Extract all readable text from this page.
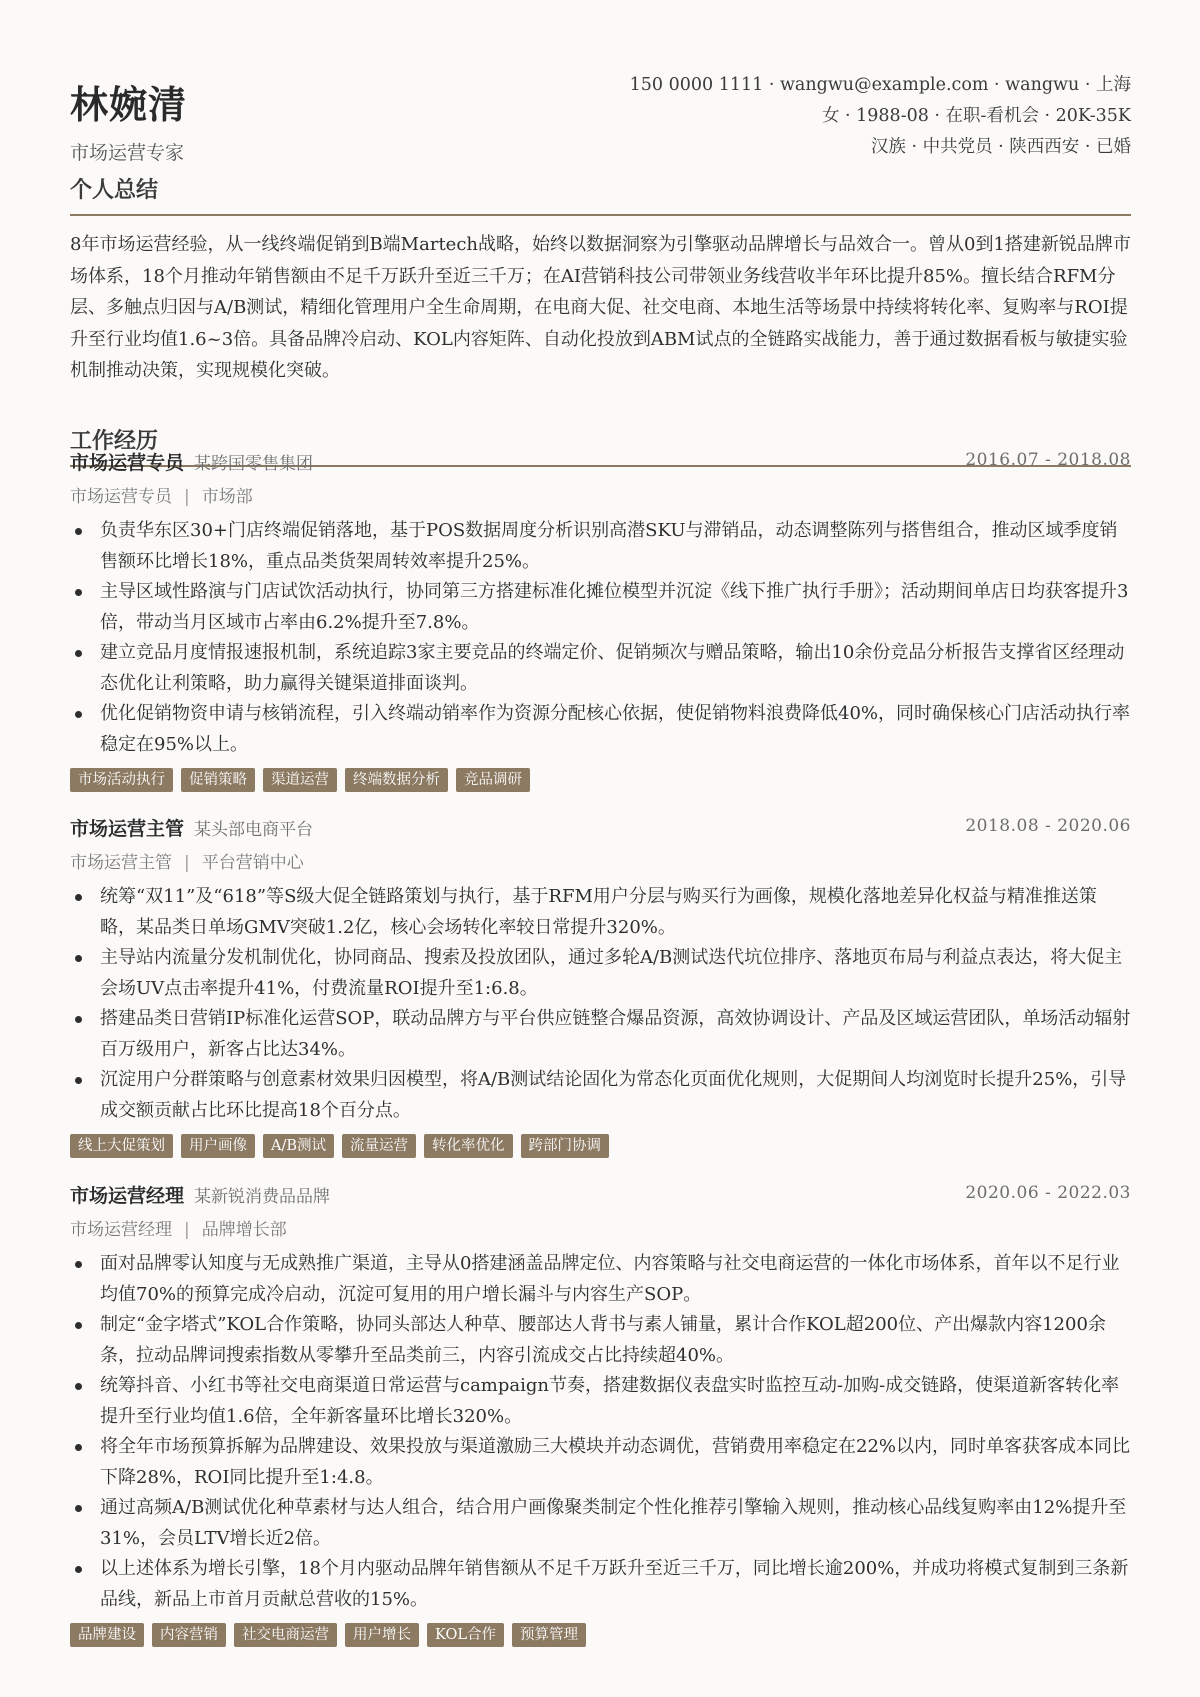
林婉清
市场运营专家
150 0000 1111 · wangwu@example.com · wangwu · 上海
女 · 1988-08 · 在职-看机会 · 20K-35K
汉族 · 中共党员 · 陕西西安 · 已婚
个人总结

8年市场运营经验，从一线终端促销到B端Martech战略，始终以数据洞察为引擎驱动品牌增长与品效合一。曾从0到1搭建新锐品牌市场体系，18个月推动年销售额由不足千万跃升至近三千万；在AI营销科技公司带领业务线营收半年环比提升85%。擅长结合RFM分层、多触点归因与A/B测试，精细化管理用户全生命周期，在电商大促、社交电商、本地生活等场景中持续将转化率、复购率与ROI提升至行业均值1.6~3倍。具备品牌冷启动、KOL内容矩阵、自动化投放到ABM试点的全链路实战能力，善于通过数据看板与敏捷实验机制推动决策，实现规模化突破。

工作经历
市场运营专员 某跨国零售集团	2016.07 - 2018.08
市场运营专员 | 市场部
负责华东区30+门店终端促销落地，基于POS数据周度分析识别高潜SKU与滞销品，动态调整陈列与搭售组合，推动区域季度销售额环比增长18%，重点品类货架周转效率提升25%。
主导区域性路演与门店试饮活动执行，协同第三方搭建标准化摊位模型并沉淀《线下推广执行手册》；活动期间单店日均获客提升3倍，带动当月区域市占率由6.2%提升至7.8%。
建立竞品月度情报速报机制，系统追踪3家主要竞品的终端定价、促销频次与赠品策略，输出10余份竞品分析报告支撑省区经理动态优化让利策略，助力赢得关键渠道排面谈判。
优化促销物资申请与核销流程，引入终端动销率作为资源分配核心依据，使促销物料浪费降低40%，同时确保核心门店活动执行率稳定在95%以上。
市场活动执行	促销策略	渠道运营	终端数据分析	竞品调研
市场运营主管 某头部电商平台	2018.08 - 2020.06
市场运营主管 | 平台营销中心
统筹“双11”及“618”等S级大促全链路策划与执行，基于RFM用户分层与购买行为画像，规模化落地差异化权益与精准推送策略，某品类日单场GMV突破1.2亿，核心会场转化率较日常提升320%。
主导站内流量分发机制优化，协同商品、搜索及投放团队，通过多轮A/B测试迭代坑位排序、落地页布局与利益点表达，将大促主会场UV点击率提升41%，付费流量ROI提升至1:6.8。
搭建品类日营销IP标准化运营SOP，联动品牌方与平台供应链整合爆品资源，高效协调设计、产品及区域运营团队，单场活动辐射百万级用户，新客占比达34%。
沉淀用户分群策略与创意素材效果归因模型，将A/B测试结论固化为常态化页面优化规则，大促期间人均浏览时长提升25%，引导成交额贡献占比环比提高18个百分点。
线上大促策划	用户画像	A/B测试	流量运营	转化率优化	跨部门协调
市场运营经理 某新锐消费品品牌	2020.06 - 2022.03
市场运营经理 | 品牌增长部
面对品牌零认知度与无成熟推广渠道，主导从0搭建涵盖品牌定位、内容策略与社交电商运营的一体化市场体系，首年以不足行业均值70%的预算完成冷启动，沉淀可复用的用户增长漏斗与内容生产SOP。
制定“金字塔式”KOL合作策略，协同头部达人种草、腰部达人背书与素人铺量，累计合作KOL超200位、产出爆款内容1200余条，拉动品牌词搜索指数从零攀升至品类前三，内容引流成交占比持续超40%。
统筹抖音、小红书等社交电商渠道日常运营与campaign节奏，搭建数据仪表盘实时监控互动-加购-成交链路，使渠道新客转化率提升至行业均值1.6倍，全年新客量环比增长320%。
将全年市场预算拆解为品牌建设、效果投放与渠道激励三大模块并动态调优，营销费用率稳定在22%以内，同时单客获客成本同比下降28%，ROI同比提升至1:4.8。
通过高频A/B测试优化种草素材与达人组合，结合用户画像聚类制定个性化推荐引擎输入规则，推动核心品线复购率由12%提升至31%，会员LTV增长近2倍。
以上述体系为增长引擎，18个月内驱动品牌年销售额从不足千万跃升至近三千万，同比增长逾200%，并成功将模式复制到三条新品线，新品上市首月贡献总营收的15%。
品牌建设	内容营销	社交电商运营	用户增长	KOL合作	预算管理
